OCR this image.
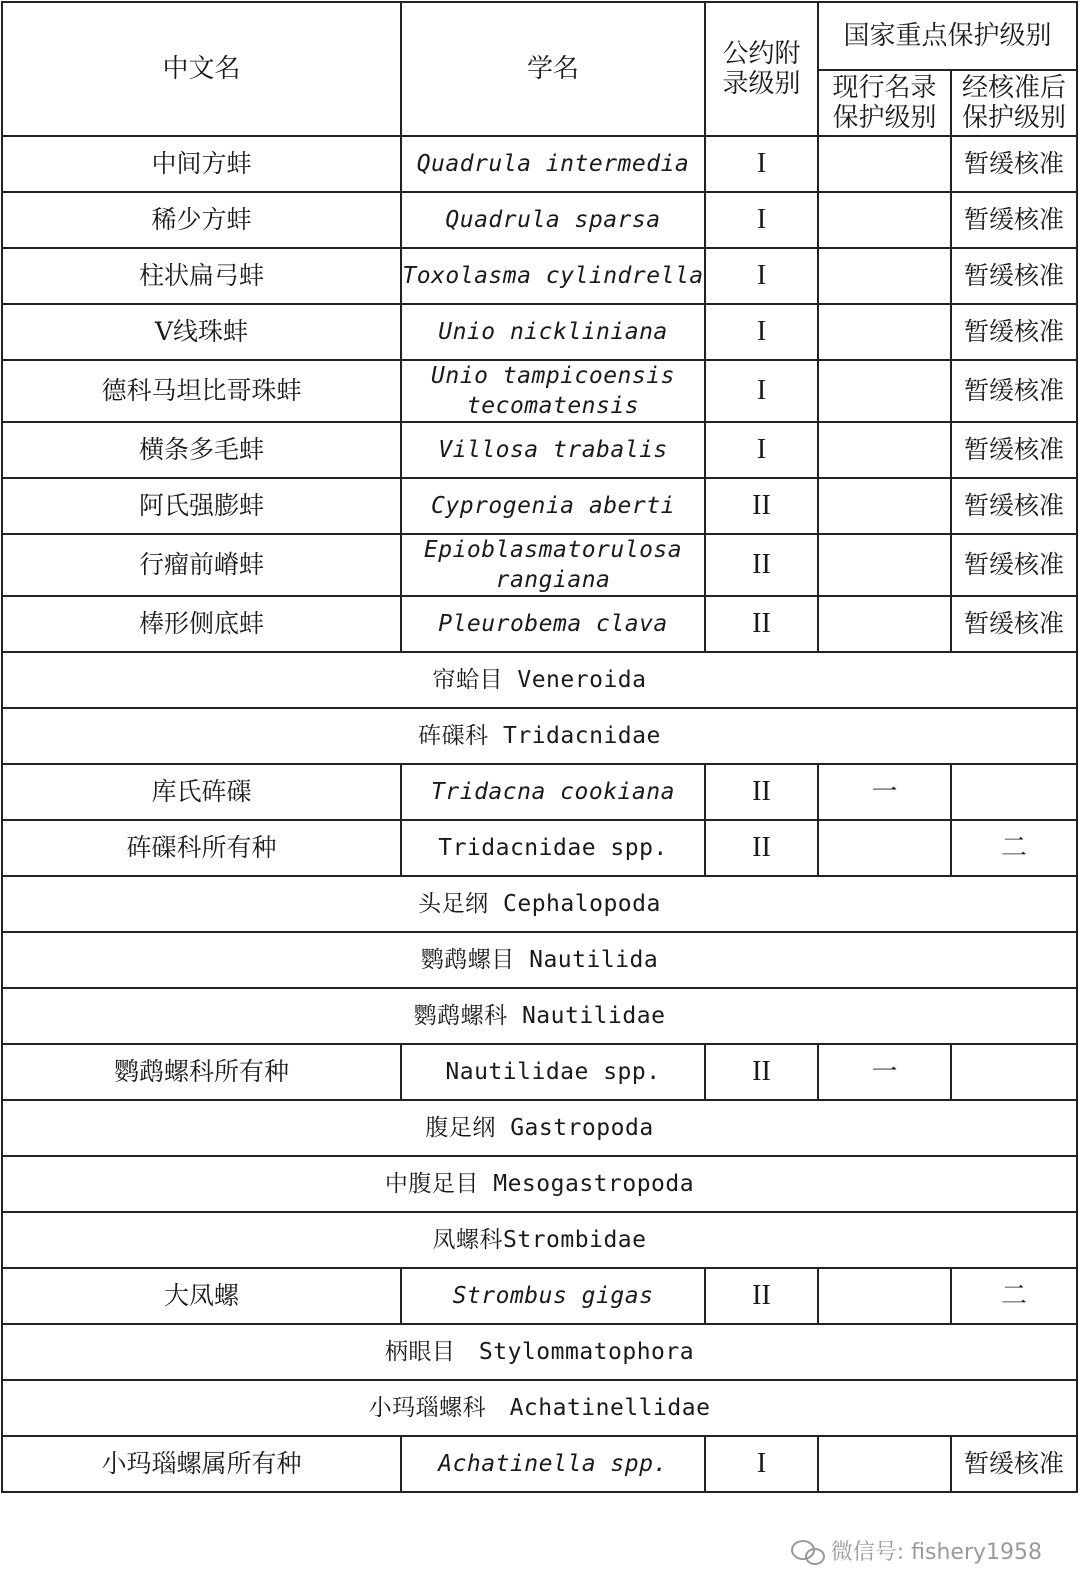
中文名	学名	公约附录级别	国家重点保护级别	
			现行名录保护级别	经核准后保护级别
中间方蚌	Quadrula intermedia	I		暂缓核准
稀少方蚌	Quadrula sparsa	I		暂缓核准
柱状扁弓蚌	Toxolasma cylindrella	I		暂缓核准
V线珠蚌	Unio nickliniana	I		暂缓核准
德科马坦比哥珠蚌	Unio tampicoensis tecomatensis	I		暂缓核准
横条多毛蚌	Villosa trabalis	I		暂缓核准
阿氏强膨蚌	Cyprogenia aberti	II		暂缓核准
行瘤前嵴蚌	Epioblasmatorulosa rangiana	II		暂缓核准
棒形侧底蚌	Pleurobema clava	II		暂缓核准
帘蛤目 Veneroida				
砗磲科 Tridacnidae				
库氏砗磲	Tridacna cookiana	II	一	
砗磲科所有种	Tridacnidae spp.	II		二
头足纲 Cephalopoda				
鹦鹉螺目 Nautilida				
鹦鹉螺科 Nautilidae				
鹦鹉螺科所有种	Nautilidae spp.	II	一	
腹足纲 Gastropoda				
中腹足目 Mesogastropoda				
凤螺科Strombidae				
大凤螺	Strombus gigas	II		二
柄眼目　Stylommatophora				
小玛瑙螺科　Achatinellidae				
小玛瑙螺属所有种	Achatinella spp.	I		暂缓核准
微信号: fishery1958
